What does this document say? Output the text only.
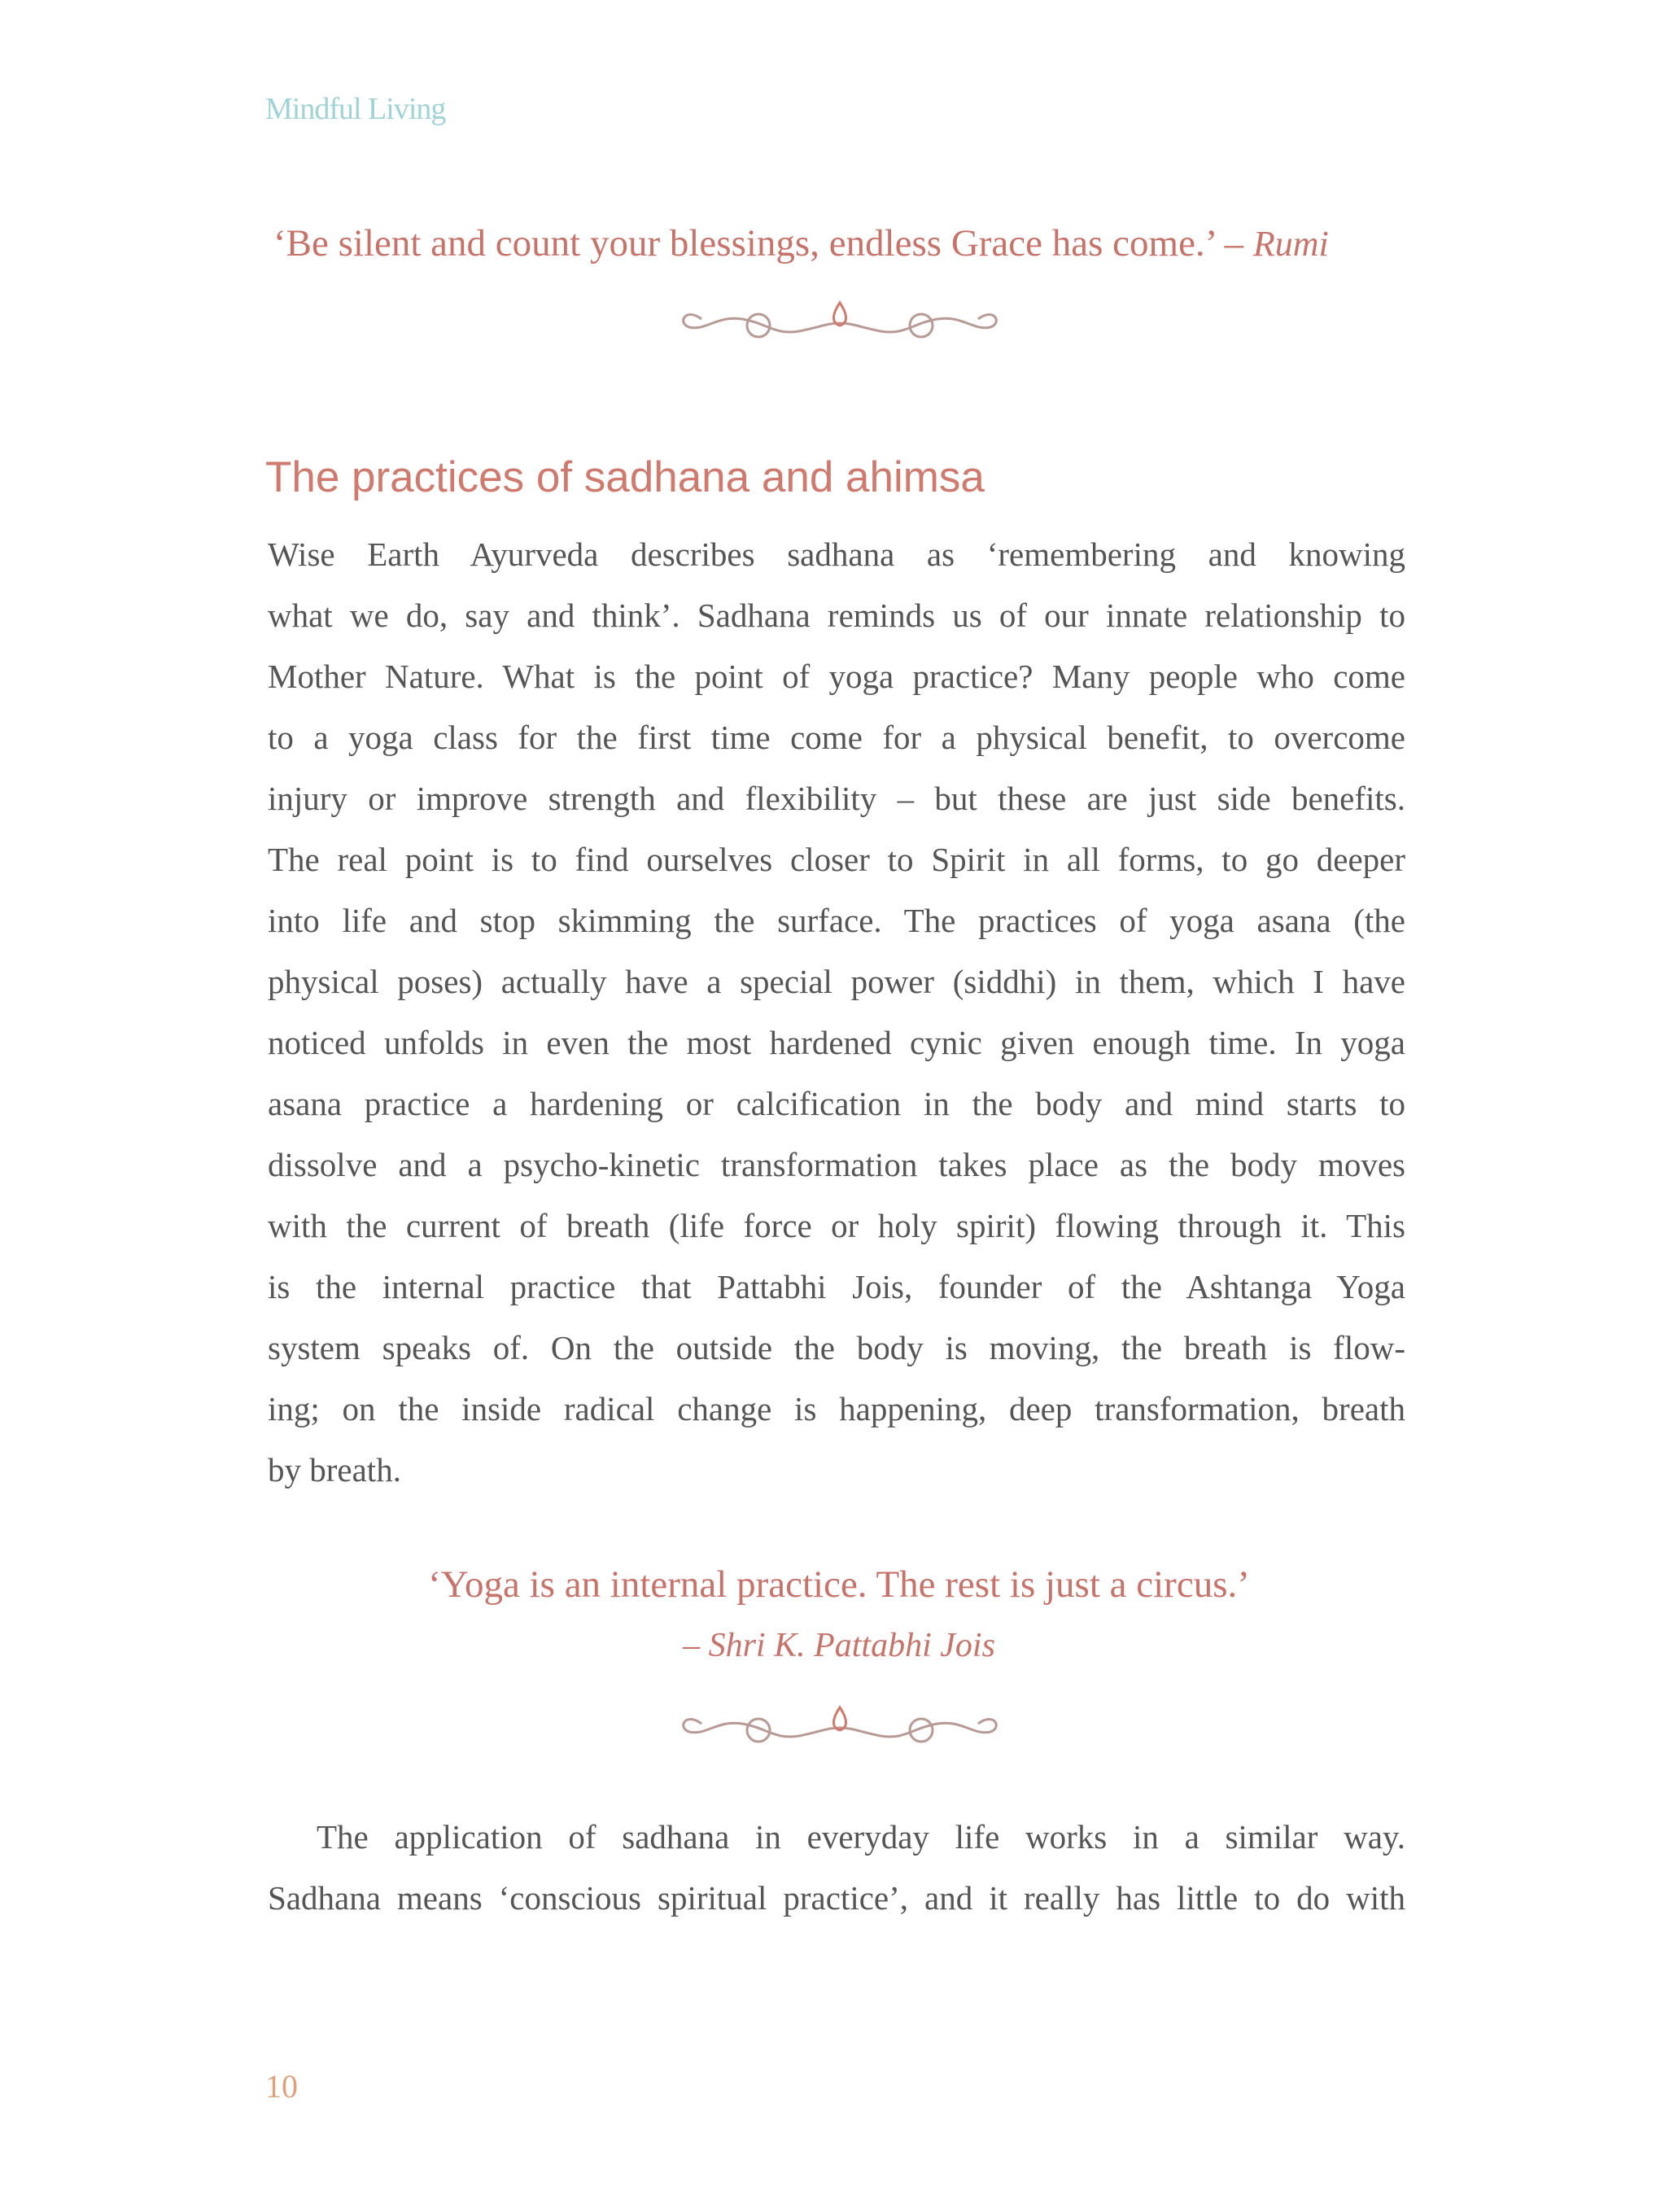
Mindful Living
‘Be silent and count your blessings, endless Grace has come.’ – Rumi
The practices of sadhana and ahimsa
Wise Earth Ayurveda describes sadhana as ‘remembering and knowing
what we do, say and think’. Sadhana reminds us of our innate relationship to
Mother Nature. What is the point of yoga practice? Many people who come
to a yoga class for the first time come for a physical benefit, to overcome
injury or improve strength and flexibility – but these are just side benefits.
The real point is to find ourselves closer to Spirit in all forms, to go deeper
into life and stop skimming the surface. The practices of yoga asana (the
physical poses) actually have a special power (siddhi) in them, which I have
noticed unfolds in even the most hardened cynic given enough time. In yoga
asana practice a hardening or calcification in the body and mind starts to
dissolve and a psycho-kinetic transformation takes place as the body moves
with the current of breath (life force or holy spirit) flowing through it. This
is the internal practice that Pattabhi Jois, founder of the Ashtanga Yoga
system speaks of. On the outside the body is moving, the breath is flow-
ing; on the inside radical change is happening, deep transformation, breath
by breath.
‘Yoga is an internal practice. The rest is just a circus.’
– Shri K. Pattabhi Jois
The application of sadhana in everyday life works in a similar way.
Sadhana means ‘conscious spiritual practice’, and it really has little to do with
10
